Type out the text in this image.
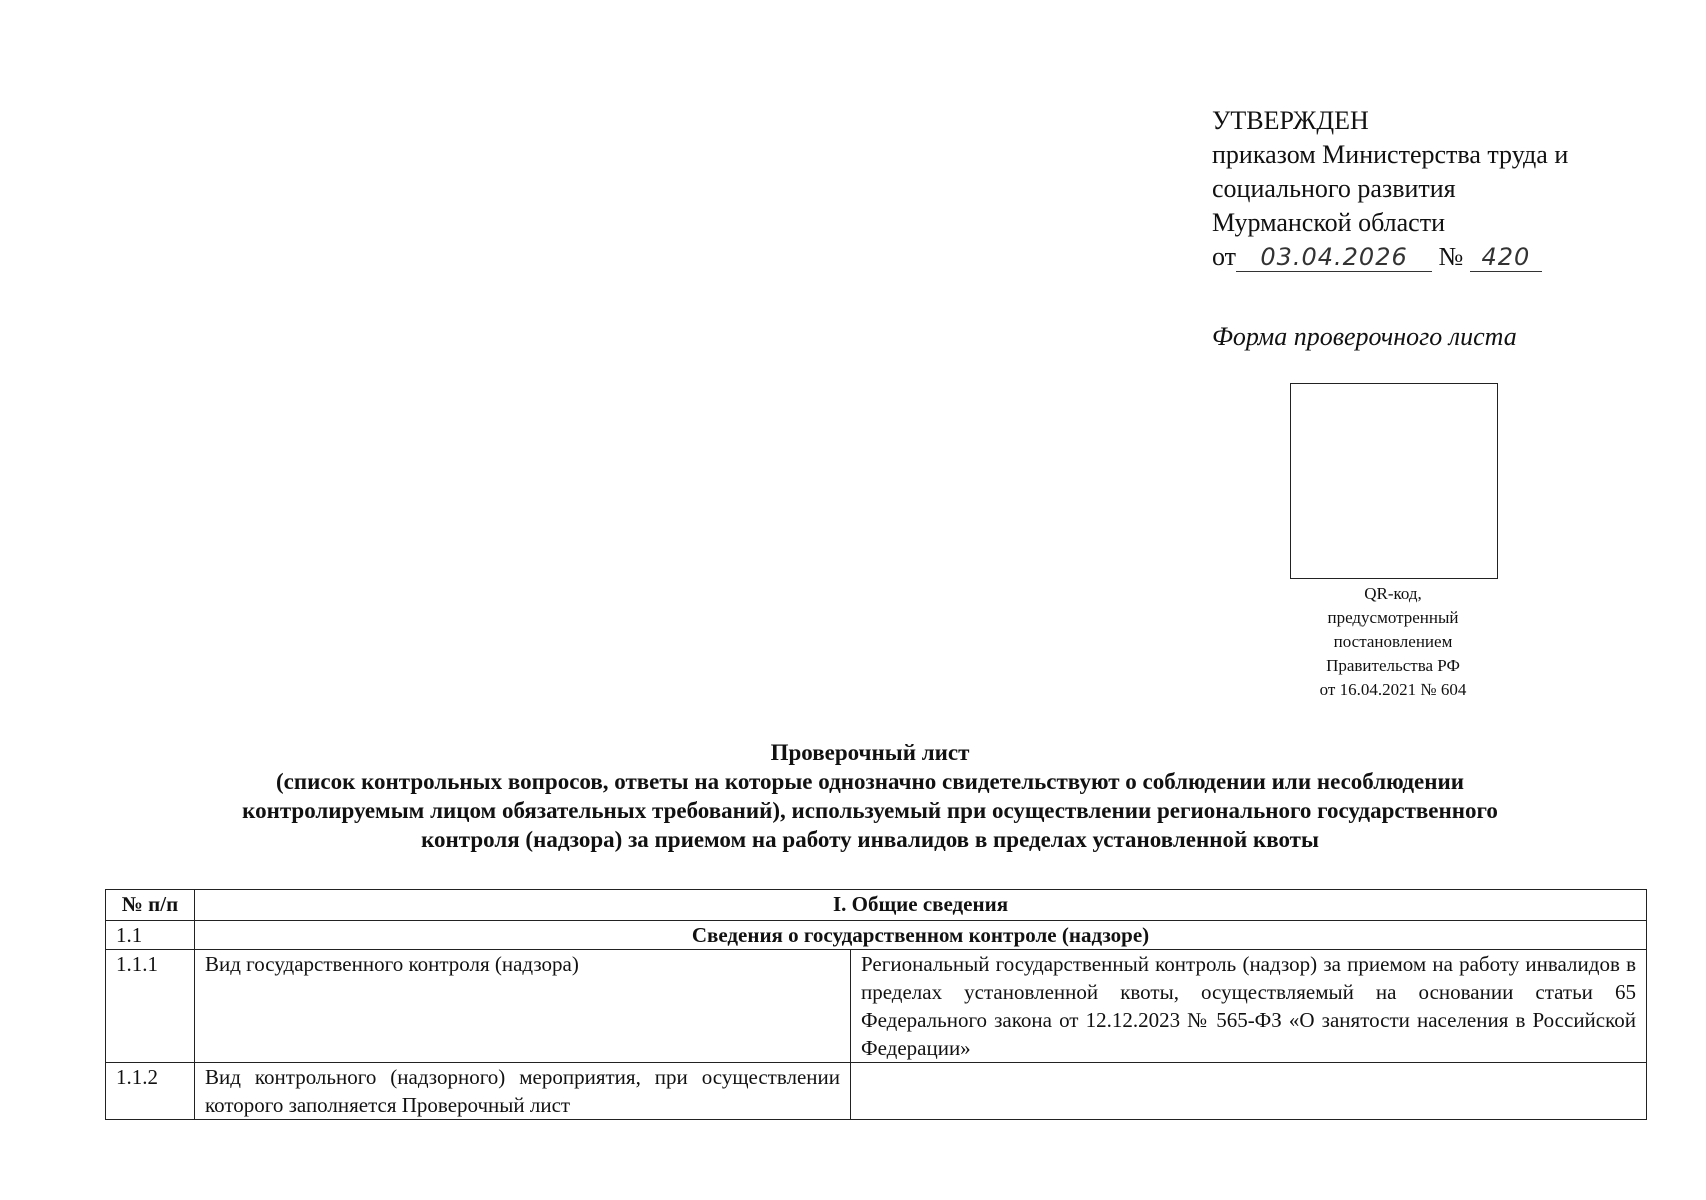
УТВЕРЖДЕН
приказом Министерства труда и
социального развития
Мурманской области
от 03.04.2026 № 420
Форма проверочного листа
QR-код,
предусмотренный
постановлением
Правительства РФ
от 16.04.2021 № 604
Проверочный лист
(список контрольных вопросов, ответы на которые однозначно свидетельствуют о соблюдении или несоблюдении
контролируемым лицом обязательных требований), используемый при осуществлении регионального государственного
контроля (надзора) за приемом на работу инвалидов в пределах установленной квоты
№ п/п	I. Общие сведения	
1.1	Сведения о государственном контроле (надзоре)	
1.1.1	Вид государственного контроля (надзора)	Региональный государственный контроль (надзор) за приемом на работу инвалидов в пределах установленной квоты, осуществляемый на основании статьи 65 Федерального закона от 12.12.2023 № 565-ФЗ «О занятости населения в Российской Федерации»
1.1.2	Вид контрольного (надзорного) мероприятия, при осуществлении которого заполняется Проверочный лист	
